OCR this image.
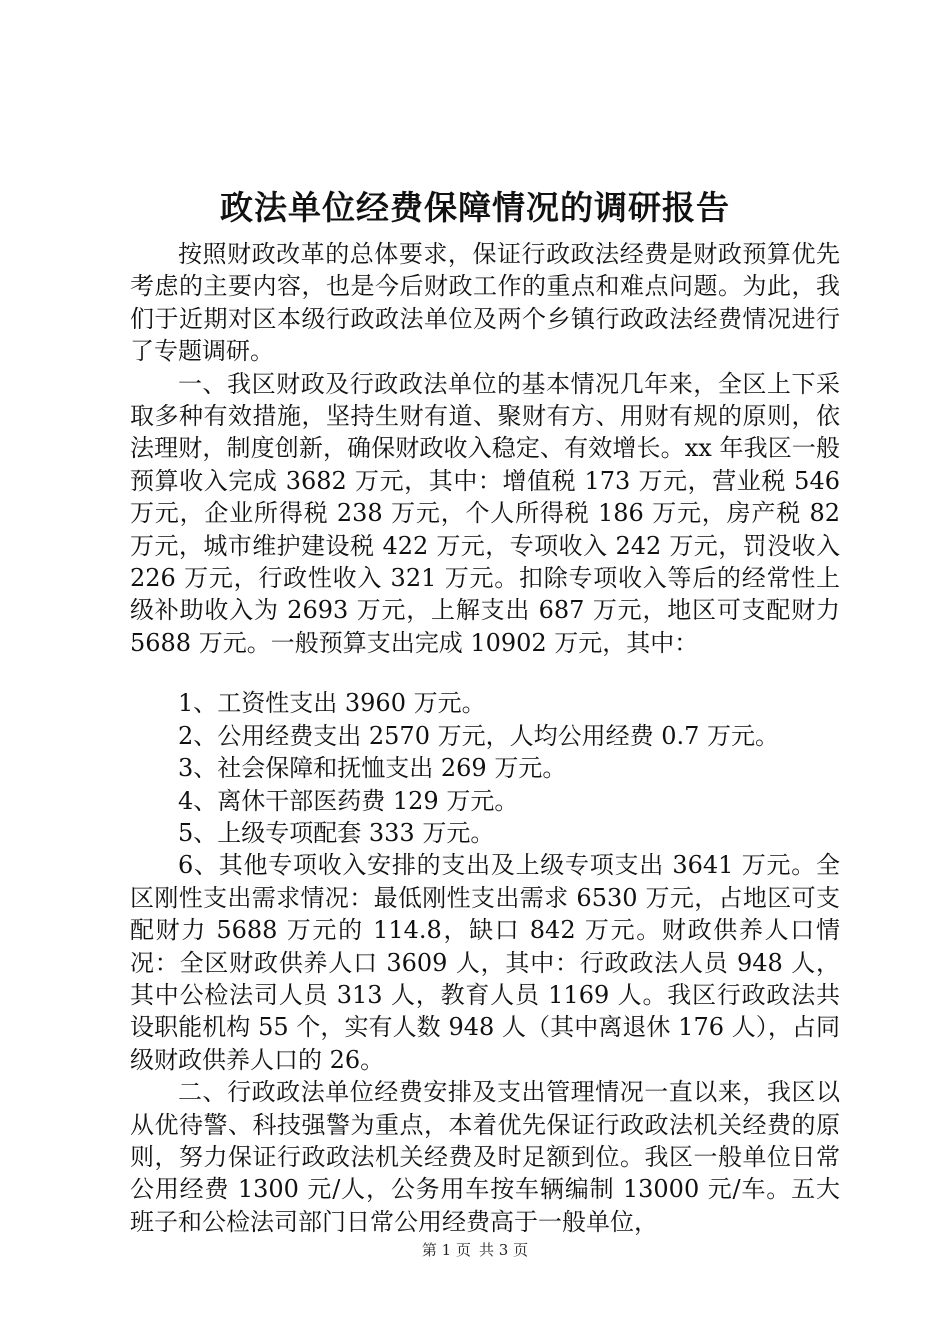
政法单位经费保障情况的调研报告

按照财政改革的总体要求，保证行政政法经费是财政预算优先考虑的主要内容，也是今后财政工作的重点和难点问题。为此，我们于近期对区本级行政政法单位及两个乡镇行政政法经费情况进行了专题调研。

一、我区财政及行政政法单位的基本情况几年来，全区上下采取多种有效措施，坚持生财有道、聚财有方、用财有规的原则，依法理财，制度创新，确保财政收入稳定、有效增长。xx 年我区一般预算收入完成 3682 万元，其中：增值税 173 万元，营业税 546 万元，企业所得税 238 万元，个人所得税 186 万元，房产税 82 万元，城市维护建设税 422 万元，专项收入 242 万元，罚没收入 226 万元，行政性收入 321 万元。扣除专项收入等后的经常性上级补助收入为 2693 万元，上解支出 687 万元，地区可支配财力 5688 万元。一般预算支出完成 10902 万元，其中：

1、工资性支出 3960 万元。

2、公用经费支出 2570 万元，人均公用经费 0.7 万元。

3、社会保障和抚恤支出 269 万元。

4、离休干部医药费 129 万元。

5、上级专项配套 333 万元。

6、其他专项收入安排的支出及上级专项支出 3641 万元。全区刚性支出需求情况：最低刚性支出需求 6530 万元，占地区可支配财力 5688 万元的 114.8，缺口 842 万元。财政供养人口情况：全区财政供养人口 3609 人，其中：行政政法人员 948 人，其中公检法司人员 313 人，教育人员 1169 人。我区行政政法共设职能机构 55 个，实有人数 948 人（其中离退休 176 人），占同级财政供养人口的 26。

二、行政政法单位经费安排及支出管理情况一直以来，我区以从优待警、科技强警为重点，本着优先保证行政政法机关经费的原则，努力保证行政政法机关经费及时足额到位。我区一般单位日常公用经费 1300 元/人，公务用车按车辆编制 13000 元/车。五大班子和公检法司部门日常公用经费高于一般单位，

第 1 页 共 3 页
